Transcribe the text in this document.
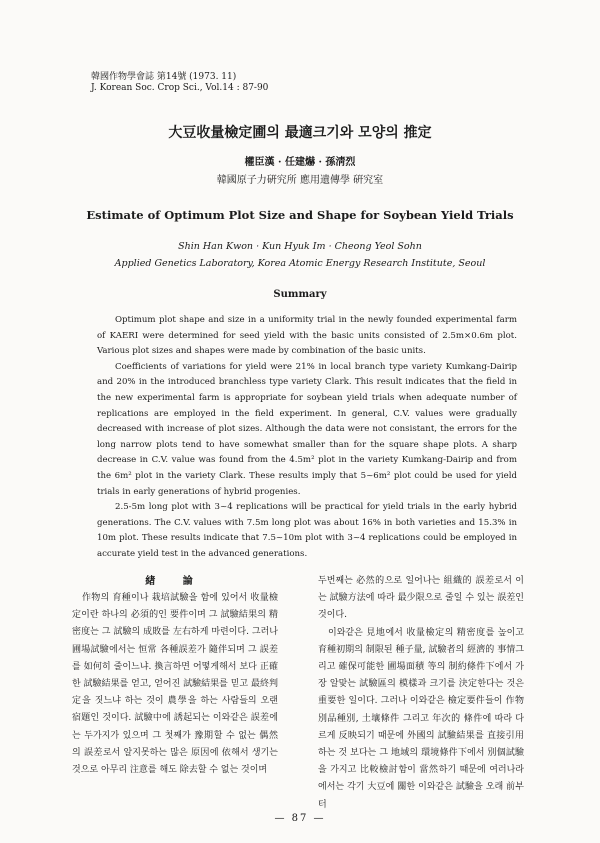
韓國作物學會誌 第14號 (1973. 11)
J. Korean Soc. Crop Sci., Vol.14 : 87-90
大豆收量檢定圃의 最適크기와 모양의 推定
權臣漢 · 任建爀 · 孫淸烈
韓國原子力硏究所 應用遺傳學 硏究室
Estimate of Optimum Plot Size and Shape for Soybean Yield Trials
Shin Han Kwon · Kun Hyuk Im · Cheong Yeol Sohn
Applied Genetics Laboratory, Korea Atomic Energy Research Institute, Seoul
Summary

Optimum plot shape and size in a uniformity trial in the newly founded experimental farm of KAERI were determined for seed yield with the basic units consisted of 2.5m×0.6m plot. Various plot sizes and shapes were made by combination of the basic units.

Coefficients of variations for yield were 21% in local branch type variety Kumkang-Dairip and 20% in the introduced branchless type variety Clark. This result indicates that the field in the new experimental farm is appropriate for soybean yield trials when adequate number of replications are employed in the field experiment. In general, C.V. values were gradually decreased with increase of plot sizes. Although the data were not consistant, the errors for the long narrow plots tend to have somewhat smaller than for the square shape plots. A sharp decrease in C.V. value was found from the 4.5m² plot in the variety Kumkang-Dairip and from the 6m² plot in the variety Clark. These results imply that 5~6m² plot could be used for yield trials in early generations of hybrid progenies.

2.5-5m long plot with 3~4 replications will be practical for yield trials in the early hybrid generations. The C.V. values with 7.5m long plot was about 16% in both varieties and 15.3% in 10m plot. These results indicate that 7.5~10m plot with 3~4 replications could be employed in accurate yield test in the advanced generations.

緖 論

作物의 育種이나 栽培試驗을 함에 있어서 收量檢定이란 하나의 必須的인 要件이며 그 試驗結果의 精密度는 그 試驗의 成敗를 左右하게 마련이다. 그러나 圃場試驗에서는 恒常 各種誤差가 隨伴되며 그 誤差를 如何히 줄이느냐. 換言하면 어떻게해서 보다 正確한 試驗結果를 얻고, 얻어진 試驗結果를 믿고 最終判定을 짓느냐 하는 것이 農學을 하는 사람들의 오랜 宿題인 것이다. 試驗中에 誘起되는 이와같은 誤差에는 두가지가 있으며 그 첫째가 豫期할 수 없는 偶然의 誤差로서 알지못하는 많은 原因에 依해서 생기는 것으로 아무리 注意를 해도 除去할 수 없는 것이며

두번째는 必然的으로 일어나는 組織的 誤差로서 이는 試驗方法에 따라 最少限으로 줄일 수 있는 誤差인 것이다.

이와같은 見地에서 收量檢定의 精密度를 높이고 育種初期의 制限된 種子量, 試驗者의 經濟的 事情그리고 確保可能한 圃場面積 等의 制約條件下에서 가장 알맞는 試驗區의 模樣과 크기를 決定한다는 것은 重要한 일이다. 그러나 이와같은 檢定要件들이 作物別品種別, 土壤條件 그리고 年次的 條件에 따라 다르게 反映되기 때문에 外國의 試驗結果를 直接引用하는 것 보다는 그 地域의 環境條件下에서 別個試驗을 가지고 比較檢討함이 當然하기 때문에 여러나라에서는 각기 大豆에 關한 이와같은 試驗을 오래 前부터

— 87 —
